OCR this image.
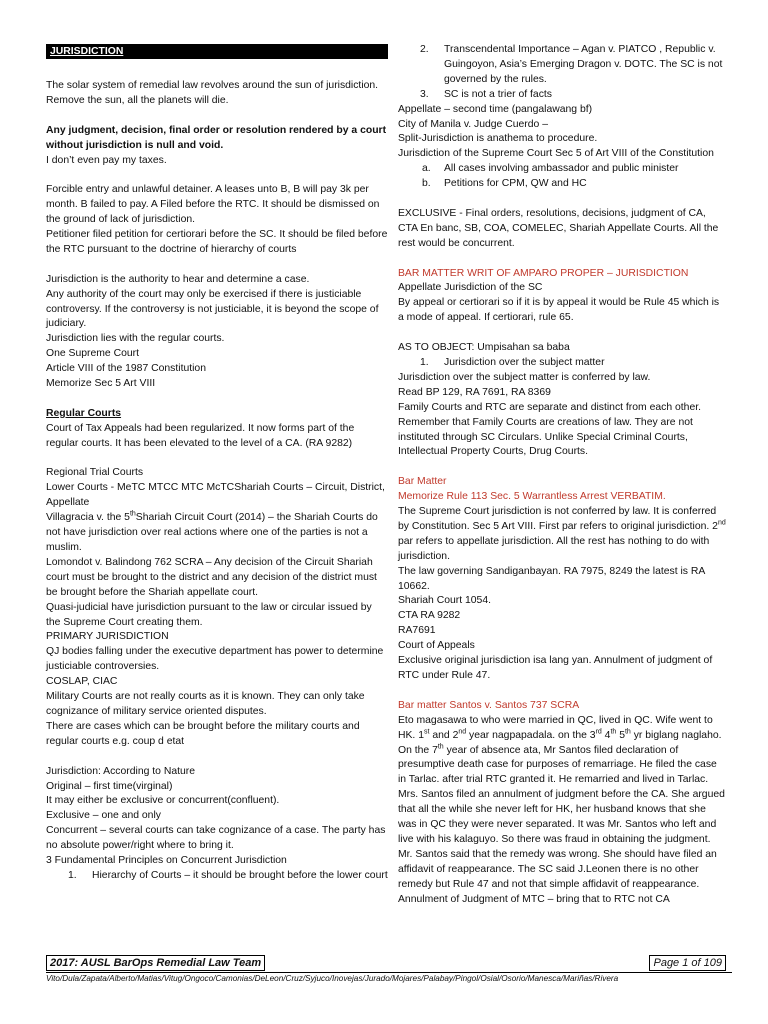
JURISDICTION

The solar system of remedial law revolves around the sun of jurisdiction. Remove the sun, all the planets will die.

Any judgment, decision, final order or resolution rendered by a court without jurisdiction is null and void.

I don’t even pay my taxes.

Forcible entry and unlawful detainer. A leases unto B, B will pay 3k per month. B failed to pay. A Filed before the RTC. It should be dismissed on the ground of lack of jurisdiction.

Petitioner filed petition for certiorari before the SC. It should be filed before the RTC pursuant to the doctrine of hierarchy of courts

Jurisdiction is the authority to hear and determine a case.

Any authority of the court may only be exercised if there is justiciable controversy. If the controversy is not justiciable, it is beyond the scope of judiciary.

Jurisdiction lies with the regular courts.

One Supreme Court

Article VIII of the 1987 Constitution

Memorize Sec 5 Art VIII

Regular Courts

Court of Tax Appeals had been regularized. It now forms part of the regular courts. It has been elevated to the level of a CA. (RA 9282)

Regional Trial Courts

Lower Courts - MeTC MTCC MTC McTCShariah Courts – Circuit, District, Appellate

Villagracia v. the 5thShariah Circuit Court (2014) – the Shariah Courts do not have jurisdiction over real actions where one of the parties is not a muslim.

Lomondot v. Balindong 762 SCRA – Any decision of the Circuit Shariah court must be brought to the district and any decision of the district must be brought before the Shariah appellate court.

Quasi-judicial have jurisdiction pursuant to the law or circular issued by the Supreme Court creating them.

PRIMARY JURISDICTION

QJ bodies falling under the executive department has power to determine justiciable controversies.

COSLAP, CIAC

Military Courts are not really courts as it is known. They can only take cognizance of military service oriented disputes.

There are cases which can be brought before the military courts and regular courts e.g. coup d etat

Jurisdiction: According to Nature

Original – first time(virginal)

It may either be exclusive or concurrent(confluent).

Exclusive – one and only

Concurrent – several courts can take cognizance of a case. The party has no absolute power/right where to bring it.

3 Fundamental Principles on Concurrent Jurisdiction

1. Hierarchy of Courts – it should be brought before the lower court
2. Transcendental Importance – Agan v. PIATCO , Republic v. Guingoyon, Asia’s Emerging Dragon v. DOTC. The SC is not governed by the rules.
3. SC is not a trier of facts

Appellate – second time (pangalawang bf)

City of Manila v. Judge Cuerdo –

Split-Jurisdiction is anathema to procedure.

Jurisdiction of the Supreme Court Sec 5 of Art VIII of the Constitution

a. All cases involving ambassador and public minister
b. Petitions for CPM, QW and HC

EXCLUSIVE - Final orders, resolutions, decisions, judgment of CA, CTA En banc, SB, COA, COMELEC, Shariah Appellate Courts. All the rest would be concurrent.

BAR MATTER WRIT OF AMPARO PROPER – JURISDICTION

Appellate Jurisdiction of the SC

By appeal or certiorari so if it is by appeal it would be Rule 45 which is a mode of appeal. If certiorari, rule 65.

AS TO OBJECT: Umpisahan sa baba

1. Jurisdiction over the subject matter

Jurisdiction over the subject matter is conferred by law.

Read BP 129, RA 7691, RA 8369

Family Courts and RTC are separate and distinct from each other. Remember that Family Courts are creations of law. They are not instituted through SC Circulars. Unlike Special Criminal Courts, Intellectual Property Courts, Drug Courts.

Bar Matter

Memorize Rule 113 Sec. 5 Warrantless Arrest VERBATIM.

The Supreme Court jurisdiction is not conferred by law. It is conferred by Constitution. Sec 5 Art VIII. First par refers to original jurisdiction. 2nd par refers to appellate jurisdiction. All the rest has nothing to do with jurisdiction.

The law governing Sandiganbayan. RA 7975, 8249 the latest is RA 10662.

Shariah Court 1054.

CTA RA 9282

RA7691

Court of Appeals

Exclusive original jurisdiction isa lang yan. Annulment of judgment of RTC under Rule 47.

Bar matter Santos v. Santos 737 SCRA

Eto magasawa to who were married in QC, lived in QC. Wife went to HK. 1st and 2nd year nagpapadala. on the 3rd 4th 5th yr biglang naglaho. On the 7th year of absence ata, Mr Santos filed declaration of presumptive death case for purposes of remarriage. He filed the case in Tarlac. after trial RTC granted it. He remarried and lived in Tarlac. Mrs. Santos filed an annulment of judgment before the CA. She argued that all the while she never left for HK, her husband knows that she was in QC they were never separated. It was Mr. Santos who left and live with his kalaguyo. So there was fraud in obtaining the judgment. Mr. Santos said that the remedy was wrong. She should have filed an affidavit of reappearance. The SC said J.Leonen there is no other remedy but Rule 47 and not that simple affidavit of reappearance.

Annulment of Judgment of MTC – bring that to RTC not CA

2017: AUSL BarOps Remedial Law Team	Page 1 of 109
Vito/Dula/Zapata/Alberto/Matias/Vitug/Ongoco/Camonias/DeLeon/Cruz/Syjuco/Inovejas/Jurado/Mojares/Palabay/Pingol/Osial/Osorio/Manesca/Mariñas/Rivera
